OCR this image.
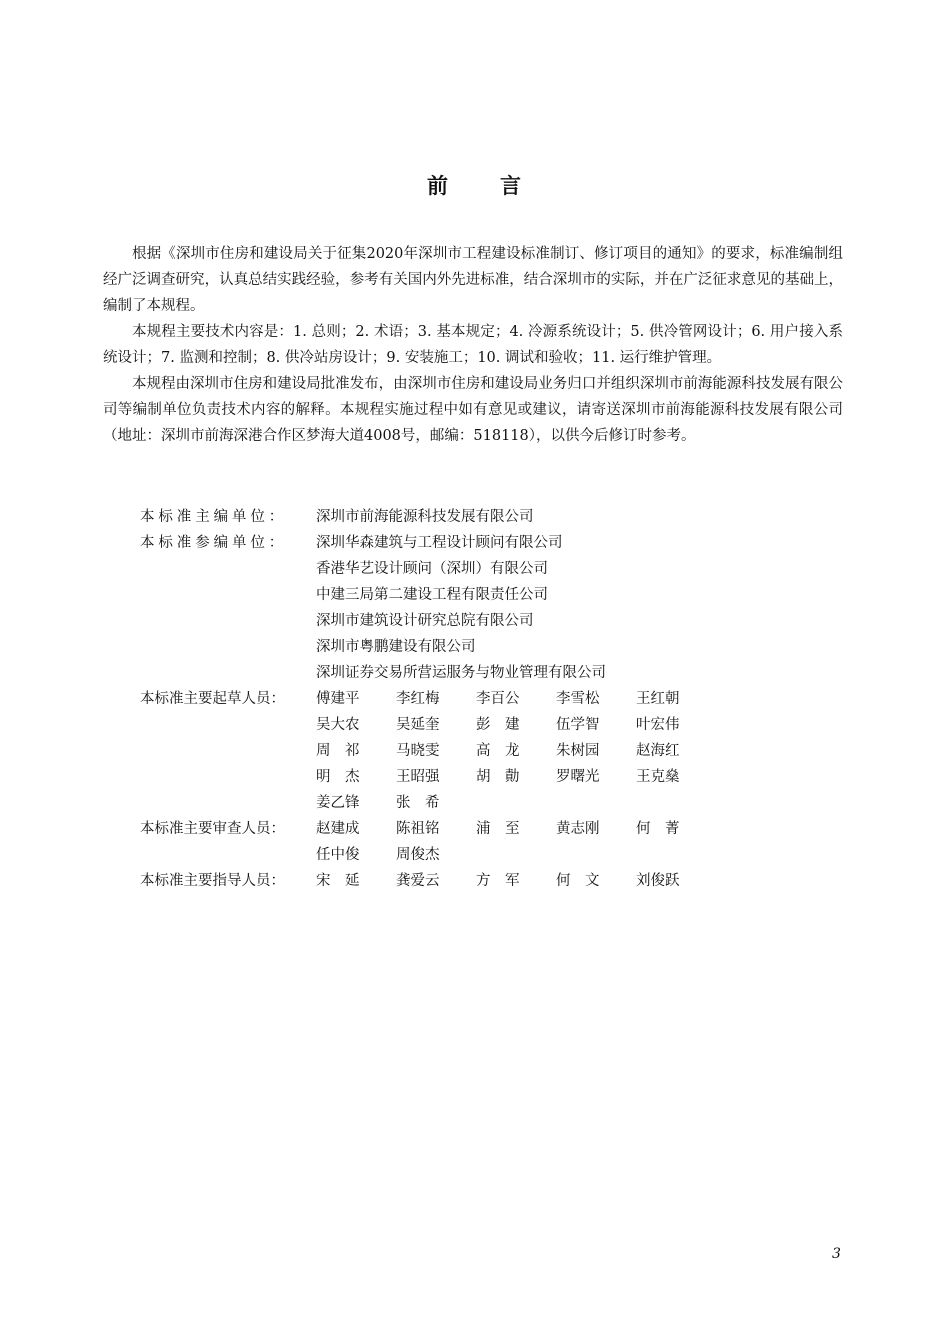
前 言

根据《深圳市住房和建设局关于征集2020年深圳市工程建设标准制订、修订项目的通知》的要求，标准编制组经广泛调查研究，认真总结实践经验，参考有关国内外先进标准，结合深圳市的实际，并在广泛征求意见的基础上，编制了本规程。

本规程主要技术内容是：1. 总则；2. 术语；3. 基本规定；4. 冷源系统设计；5. 供冷管网设计；6. 用户接入系统设计；7. 监测和控制；8. 供冷站房设计；9. 安装施工；10. 调试和验收；11. 运行维护管理。

本规程由深圳市住房和建设局批准发布，由深圳市住房和建设局业务归口并组织深圳市前海能源科技发展有限公司等编制单位负责技术内容的解释。本规程实施过程中如有意见或建议，请寄送深圳市前海能源科技发展有限公司（地址：深圳市前海深港合作区梦海大道4008号，邮编：518118），以供今后修订时参考。

本标准主编单位：	深圳市前海能源科技发展有限公司
本标准参编单位：	深圳华森建筑与工程设计顾问有限公司
香港华艺设计顾问（深圳）有限公司
中建三局第二建设工程有限责任公司
深圳市建筑设计研究总院有限公司
深圳市粤鹏建设有限公司
深圳证券交易所营运服务与物业管理有限公司
本标准主要起草人员：	傅建平	李红梅	李百公	李雪松	王红朝
吴大农	吴延奎	彭　建	伍学智	叶宏伟
周　祁	马晓雯	高　龙	朱树园	赵海红
明　杰	王昭强	胡　勣	罗曙光	王克燊
姜乙锋	张　希
本标准主要审查人员：	赵建成	陈祖铭	浦　至	黄志刚	何　菁
任中俊	周俊杰
本标准主要指导人员：	宋　延	龚爱云	方　军	何　文	刘俊跃
3
